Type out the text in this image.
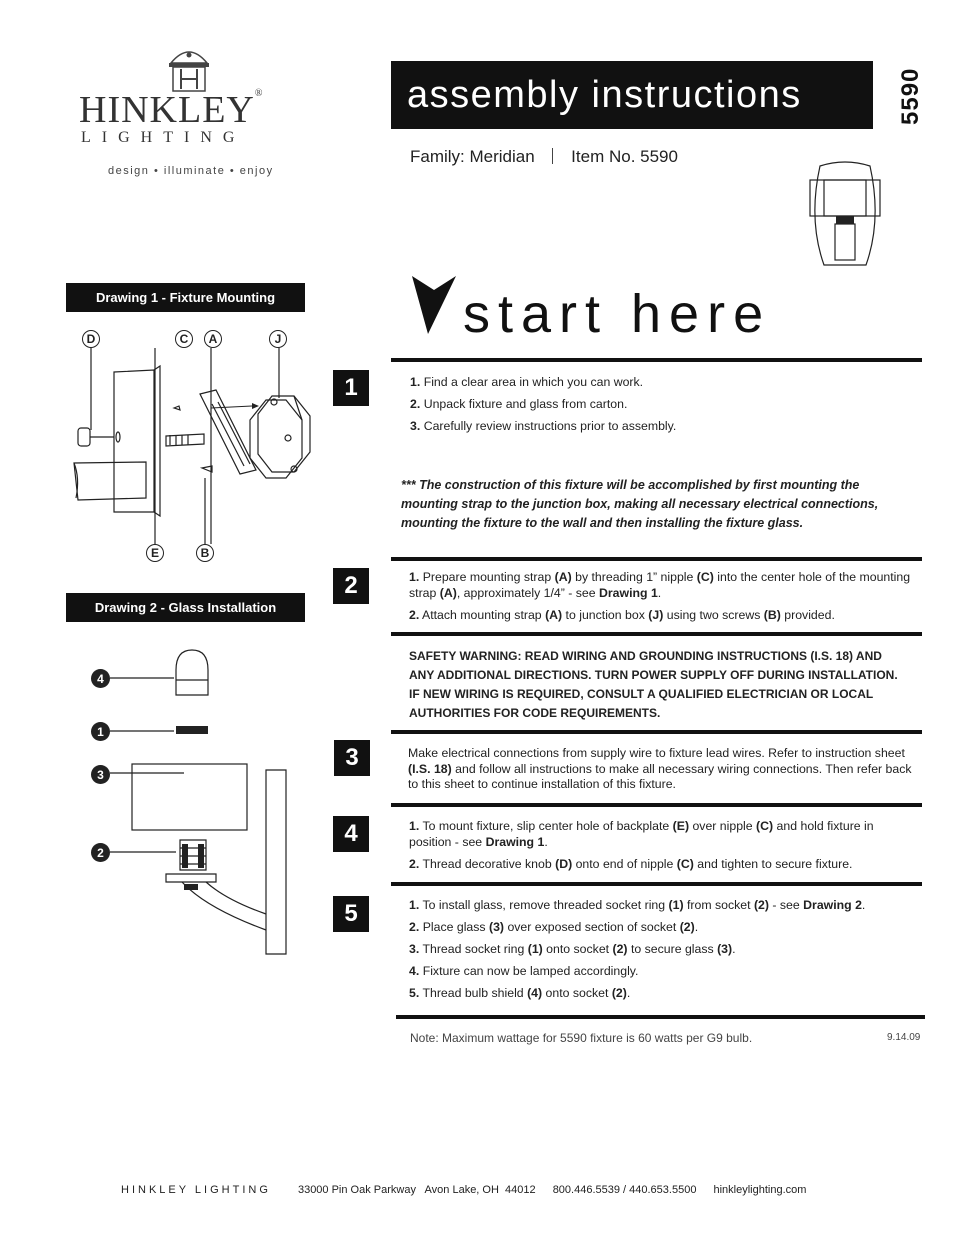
HINKLEY®
LIGHTING
design • illuminate • enjoy
assembly instructions	5590
Family: Meridian Item No. 5590
Drawing 1 - Fixture Mounting
D	C	A	J
E	B
Drawing 2 - Glass Installation
4
1
3
2
start here
1	1. Find a clear area in which you can work.

2. Unpack fixture and glass from carton.

3. Carefully review instructions prior to assembly.

*** The construction of this fixture will be accomplished by first mounting the mounting strap to the junction box, making all necessary electrical connections, mounting the fixture to the wall and then installing the fixture glass.
2	1. Prepare mounting strap (A) by threading 1” nipple (C) into the center hole of the mounting strap (A), approximately 1/4” - see Drawing 1.

2. Attach mounting strap (A) to junction box (J) using two screws (B) provided.

SAFETY WARNING: READ WIRING AND GROUNDING INSTRUCTIONS (I.S. 18) AND ANY ADDITIONAL DIRECTIONS. TURN POWER SUPPLY OFF DURING INSTALLATION. IF NEW WIRING IS REQUIRED, CONSULT A QUALIFIED ELECTRICIAN OR LOCAL AUTHORITIES FOR CODE REQUIREMENTS.
3	Make electrical connections from supply wire to fixture lead wires. Refer to instruction sheet (I.S. 18) and follow all instructions to make all necessary wiring connections. Then refer back to this sheet to continue installation of this fixture.
4	1. To mount fixture, slip center hole of backplate (E) over nipple (C) and hold fixture in position - see Drawing 1.

2. Thread decorative knob (D) onto end of nipple (C) and tighten to secure fixture.

5	1. To install glass, remove threaded socket ring (1) from socket (2) - see Drawing 2.

2. Place glass (3) over exposed section of socket (2).

3. Thread socket ring (1) onto socket (2) to secure glass (3).

4. Fixture can now be lamped accordingly.

5. Thread bulb shield (4) onto socket (2).

Note: Maximum wattage for 5590 fixture is 60 watts per G9 bulb.	9.14.09
HINKLEY LIGHTING 33000 Pin Oak Parkway   Avon Lake, OH  44012 800.446.5539 / 440.653.5500 hinkleylighting.com
